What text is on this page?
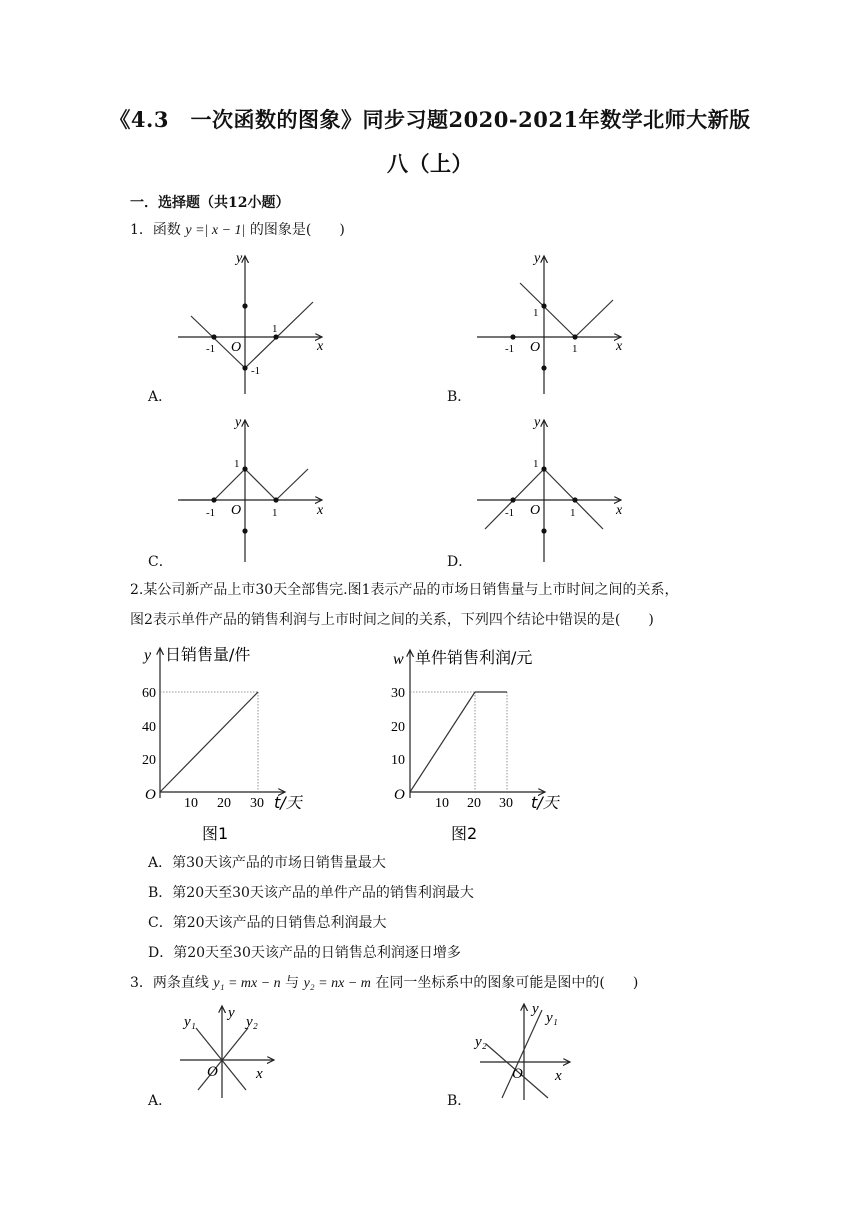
《4.3　一次函数的图象》同步习题2020-2021年数学北师大新版
八（上）
一．选择题（共12小题）
1．函数 y =| x − 1| 的图象是(　　)
y
x
O
1
-1
-1
A．
y
x
O
1
1
-1
B．
y
x
O
1
1
-1
C．
y
x
O
1
1
-1
D．
2.某公司新产品上市30天全部售完.图1表示产品的市场日销售量与上市时间之间的关系，
图2表示单件产品的销售利润与上市时间之间的关系，下列四个结论中错误的是(　　)
y 日销售量/件
60
40
20
O
10 20 30 t/天
图1
w 单件销售利润/元
30
20
10
O
10 20 30 t/天
图2
A．第30天该产品的市场日销售量最大
B．第20天至30天该产品的单件产品的销售利润最大
C．第20天该产品的日销售总利润最大
D．第20天至30天该产品的日销售总利润逐日增多
3．两条直线 y₁ = mx − n 与 y₂ = nx − m 在同一坐标系中的图象可能是图中的(　　)
y₁
y
y₂
O	x
A．
y
y₁
y₂
O x
B．
